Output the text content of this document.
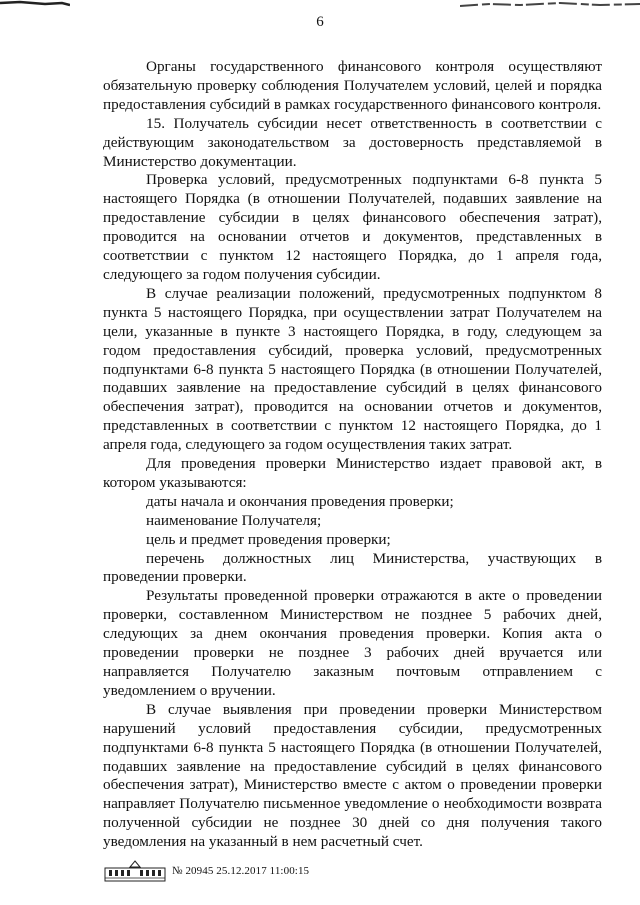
6

Органы государственного финансового контроля осуществляют обязательную проверку соблюдения Получателем условий, целей и порядка предоставления субсидий в рамках государственного финансового контроля.

15. Получатель субсидии несет ответственность в соответствии с действующим законодательством за достоверность представляемой в Министерство документации.

Проверка условий, предусмотренных подпунктами 6-8 пункта 5 настоящего Порядка (в отношении Получателей, подавших заявление на предоставление субсидии в целях финансового обеспечения затрат), проводится на основании отчетов и документов, представленных в соответствии с пунктом 12 настоящего Порядка, до 1 апреля года, следующего за годом получения субсидии.

В случае реализации положений, предусмотренных подпунктом 8 пункта 5 настоящего Порядка, при осуществлении затрат Получателем на цели, указанные в пункте 3 настоящего Порядка, в году, следующем за годом предоставления субсидий, проверка условий, предусмотренных подпунктами 6-8 пункта 5 настоящего Порядка (в отношении Получателей, подавших заявление на предоставление субсидий в целях финансового обеспечения затрат), проводится на основании отчетов и документов, представленных в соответствии с пунктом 12 настоящего Порядка, до 1 апреля года, следующего за годом осуществления таких затрат.

Для проведения проверки Министерство издает правовой акт, в котором указываются:

даты начала и окончания проведения проверки;

наименование Получателя;

цель и предмет проведения проверки;

перечень должностных лиц Министерства, участвующих в проведении проверки.

Результаты проведенной проверки отражаются в акте о проведении проверки, составленном Министерством не позднее 5 рабочих дней, следующих за днем окончания проведения проверки. Копия акта о проведении проверки не позднее 3 рабочих дней вручается или направляется Получателю заказным почтовым отправлением с уведомлением о вручении.

В случае выявления при проведении проверки Министерством нарушений условий предоставления субсидии, предусмотренных подпунктами 6-8 пункта 5 настоящего Порядка (в отношении Получателей, подавших заявление на предоставление субсидий в целях финансового обеспечения затрат), Министерство вместе с актом о проведении проверки направляет Получателю письменное уведомление о необходимости возврата полученной субсидии не позднее 30 дней со дня получения такого уведомления на указанный в нем расчетный счет.

№ 20945 25.12.2017 11:00:15
